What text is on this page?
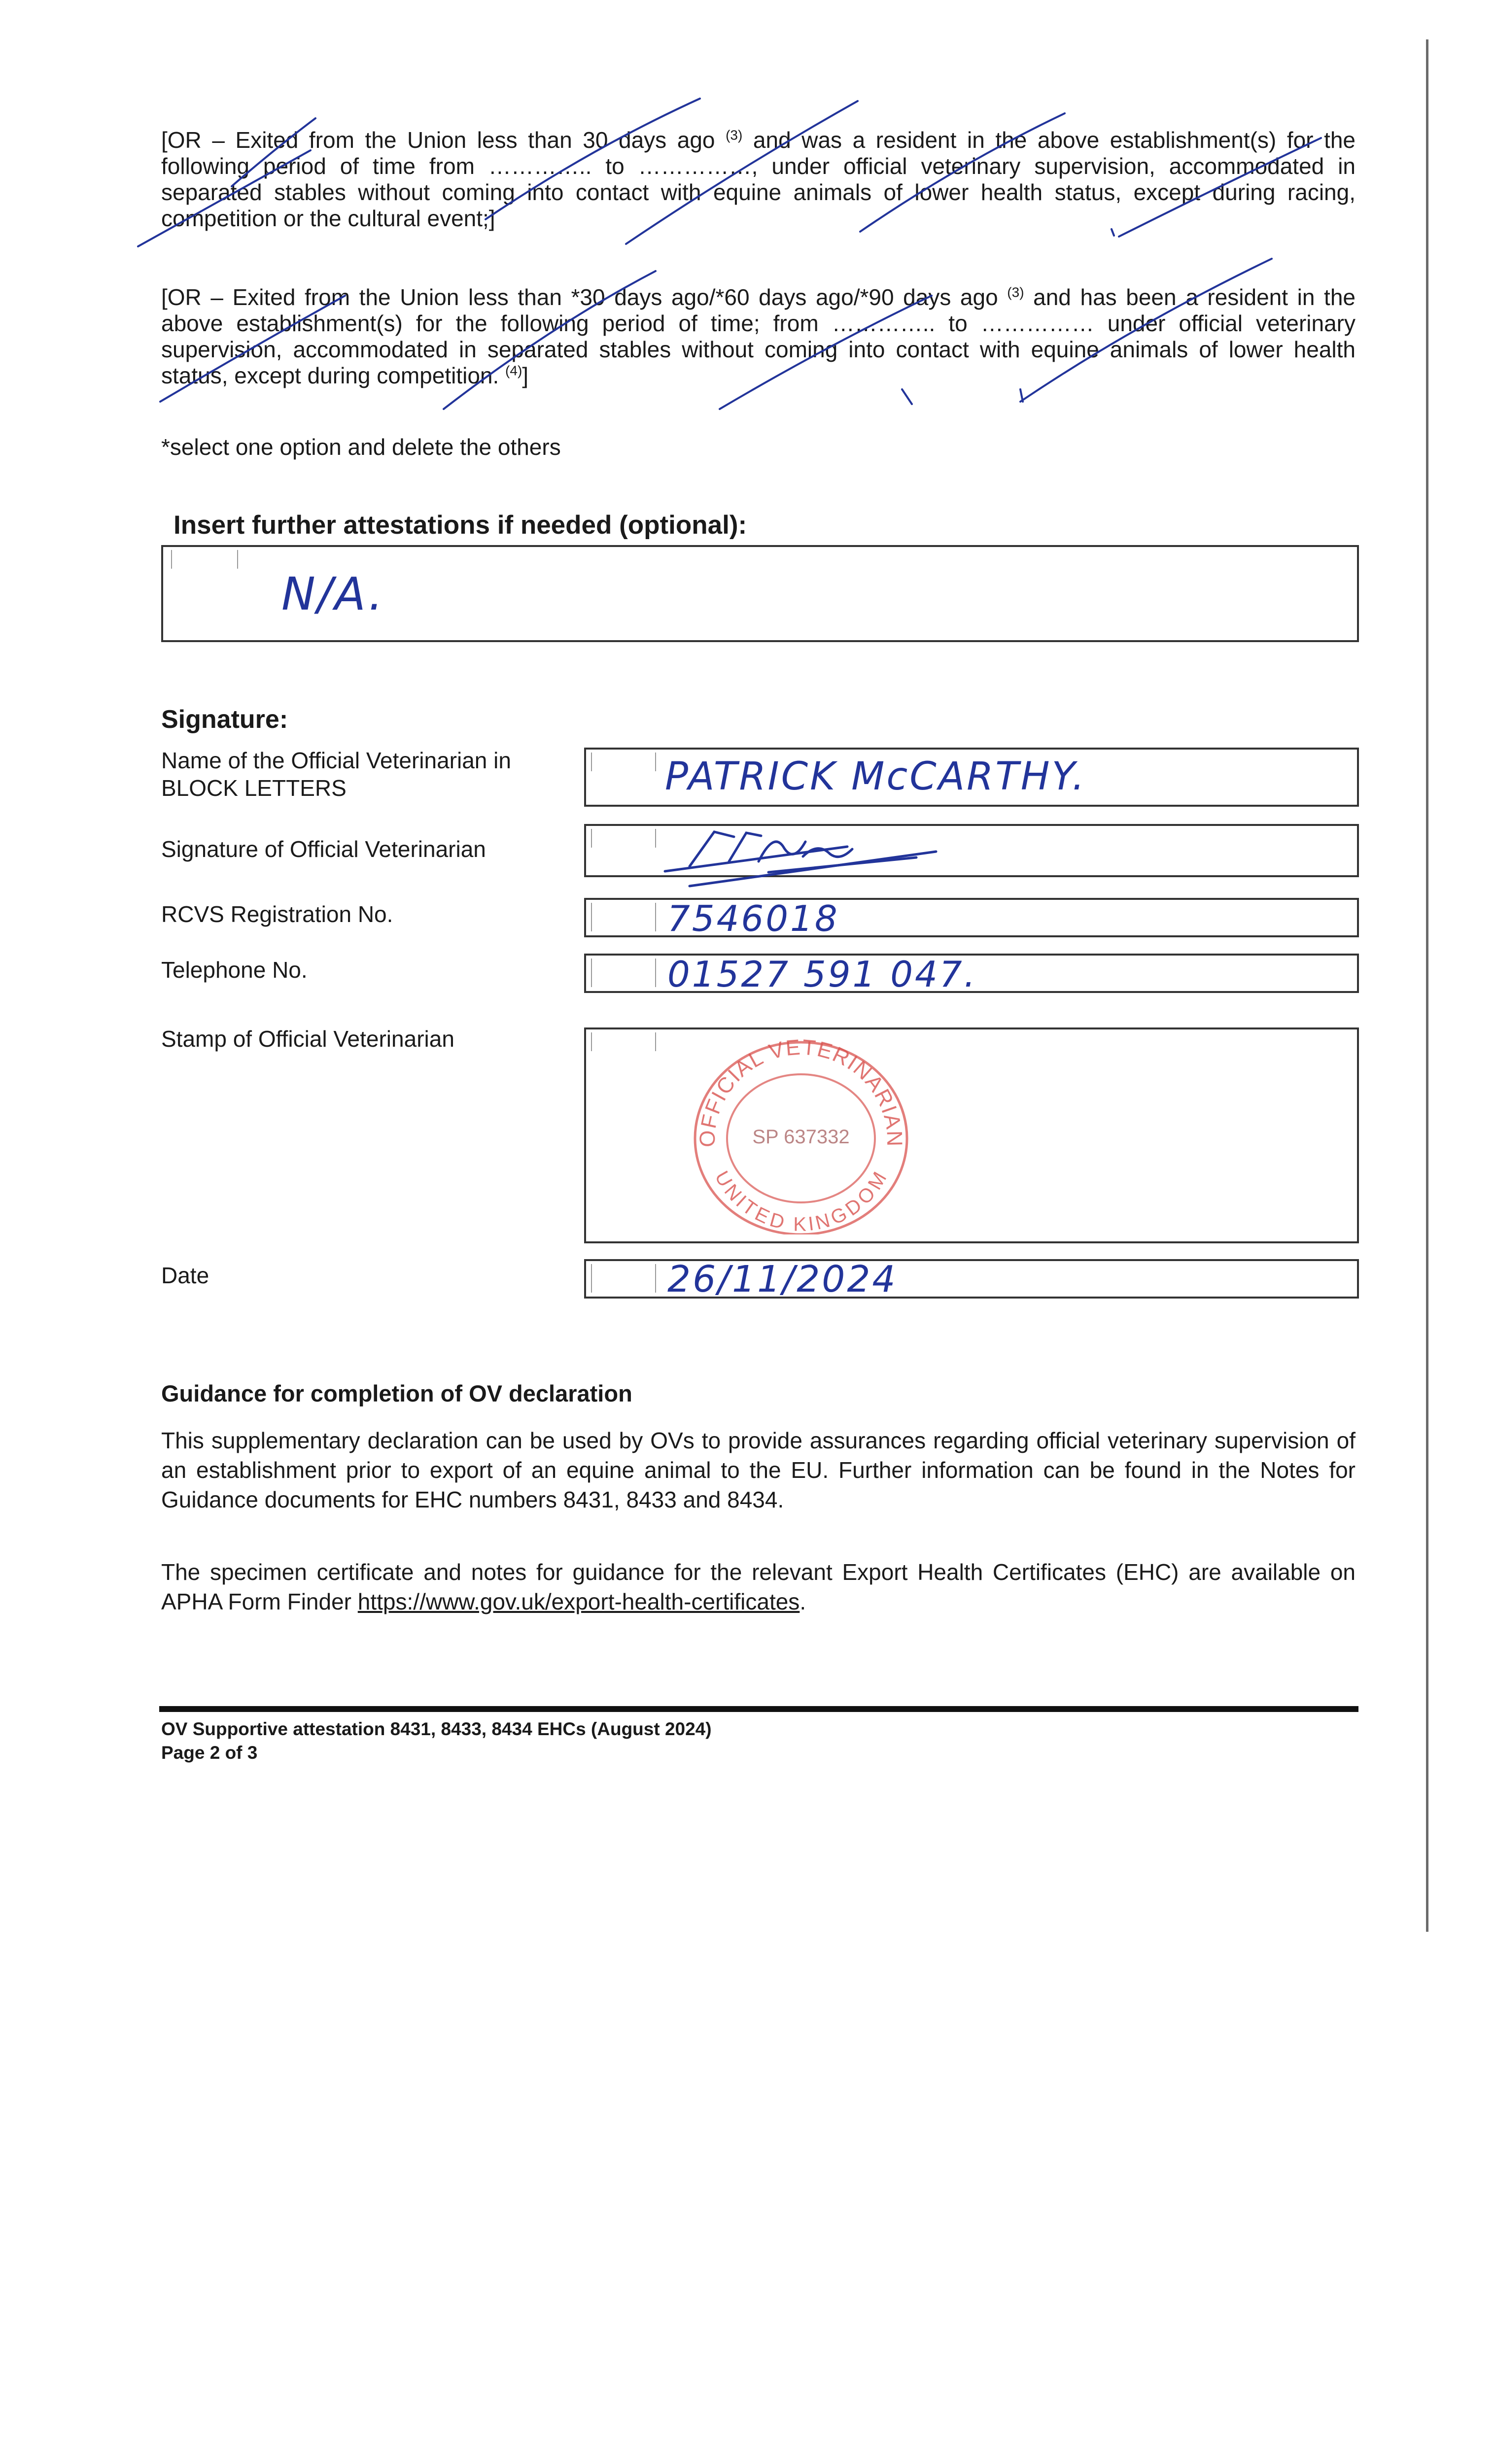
[OR – Exited from the Union less than 30 days ago $^{(3)}$ and was a resident in the above establishment(s) for the following period of time from ………….. to ……………, under official veterinary supervision, accommodated in separated stables without coming into contact with equine animals of lower health status, except during racing, competition or the cultural event;]

[OR – Exited from the Union less than *30 days ago/*60 days ago/*90 days ago $^{(3)}$ and has been a resident in the above establishment(s) for the following period of time; from ………….. to …………… under official veterinary supervision, accommodated in separated stables without coming into contact with equine animals of lower health status, except during competition. $^{(4)}$]

*select one option and delete the others
Insert further attestations if needed (optional):
N/A.
Signature:
Name of the Official Veterinarian in
BLOCK LETTERS	PATRICK McCARTHY.
Signature of Official Veterinarian
RCVS Registration No.	7546018
Telephone No.	01527 591 047.
Stamp of Official Veterinarian
OFFICIAL VETERINARIAN
UNITED KINGDOM
SP 637332
Date	26/11/2024
Guidance for completion of OV declaration

This supplementary declaration can be used by OVs to provide assurances regarding official veterinary supervision of an establishment prior to export of an equine animal to the EU. Further information can be found in the Notes for Guidance documents for EHC numbers 8431, 8433 and 8434.

The specimen certificate and notes for guidance for the relevant Export Health Certificates (EHC) are available on APHA Form Finder https://www.gov.uk/export-health-certificates.

OV Supportive attestation 8431, 8433, 8434 EHCs (August 2024)
Page 2 of 3
